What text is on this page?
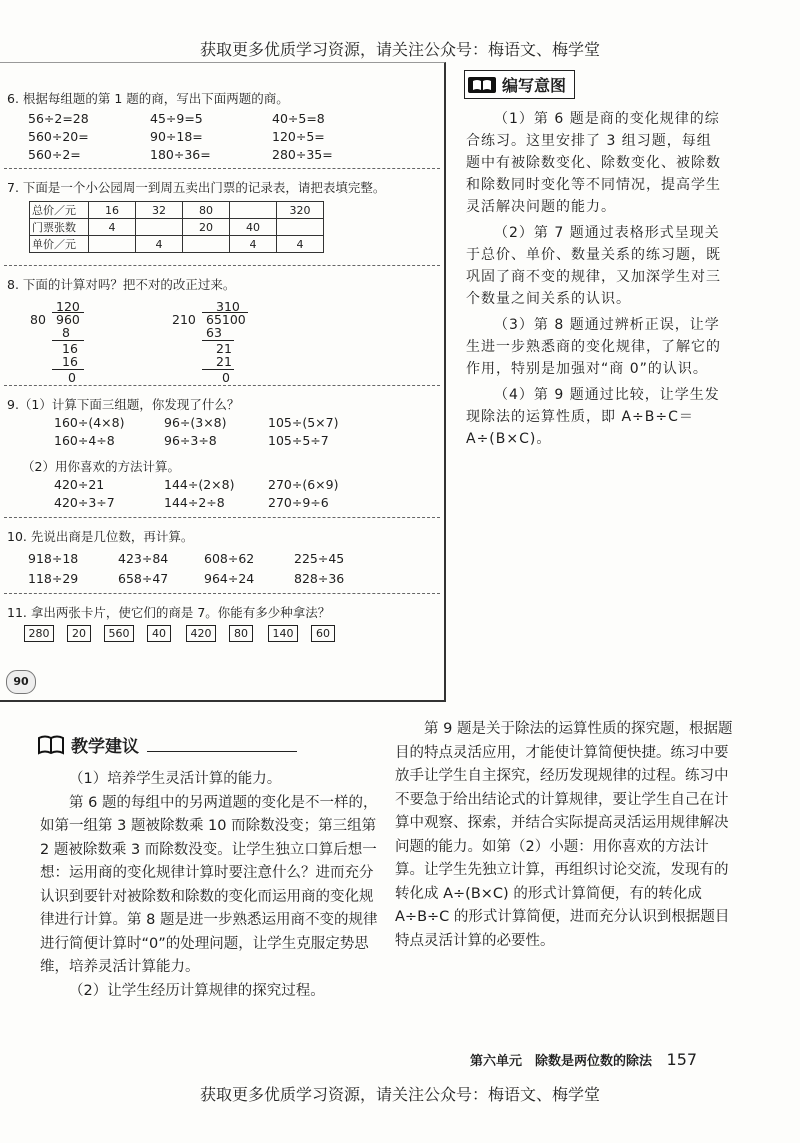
获取更多优质学习资源，请关注公众号：梅语文、梅学堂
6. 根据每组题的第 1 题的商，写出下面两题的商。
56÷2=28	45÷9=5	40÷5=8
560÷20=	90÷18=	120÷5=
560÷2=	180÷36=	280÷35=
7. 下面是一个小公园周一到周五卖出门票的记录表，请把表填完整。
总价／元	16	32	80		320
门票张数	4		20	40	
单价／元		4		4	4
8. 下面的计算对吗？把不对的改正过来。
120
80 960
8
16
16
0
310
210 65100
63
21
21
0
9.（1）计算下面三组题，你发现了什么？
160÷(4×8)	96÷(3×8)	105÷(5×7)
160÷4÷8	96÷3÷8	105÷5÷7
（2）用你喜欢的方法计算。
420÷21	144÷(2×8)	270÷(6×9)
420÷3÷7	144÷2÷8	270÷9÷6
10. 先说出商是几位数，再计算。
918÷18	423÷84	608÷62	225÷45
118÷29	658÷47	964÷24	828÷36
11. 拿出两张卡片，使它们的商是 7。你能有多少种拿法？
280	20	560	40	420	80	140	60
90
编写意图

（1）第 6 题是商的变化规律的综合练习。这里安排了 3 组习题，每组题中有被除数变化、除数变化、被除数和除数同时变化等不同情况，提高学生灵活解决问题的能力。

（2）第 7 题通过表格形式呈现关于总价、单价、数量关系的练习题，既巩固了商不变的规律，又加深学生对三个数量之间关系的认识。

（3）第 8 题通过辨析正误，让学生进一步熟悉商的变化规律，了解它的作用，特别是加强对“商 0”的认识。

（4）第 9 题通过比较，让学生发现除法的运算性质，即 A÷B÷C＝A÷(B×C)。

教学建议

（1）培养学生灵活计算的能力。

第 6 题的每组中的另两道题的变化是不一样的，如第一组第 3 题被除数乘 10 而除数没变；第三组第 2 题被除数乘 3 而除数没变。让学生独立口算后想一想：运用商的变化规律计算时要注意什么？进而充分认识到要针对被除数和除数的变化而运用商的变化规律进行计算。第 8 题是进一步熟悉运用商不变的规律进行简便计算时“0”的处理问题，让学生克服定势思维，培养灵活计算能力。

（2）让学生经历计算规律的探究过程。

第 9 题是关于除法的运算性质的探究题，根据题目的特点灵活应用，才能使计算简便快捷。练习中要放手让学生自主探究，经历发现规律的过程。练习中不要急于给出结论式的计算规律，要让学生自己在计算中观察、探索，并结合实际提高灵活运用规律解决问题的能力。如第（2）小题：用你喜欢的方法计算。让学生先独立计算，再组织讨论交流，发现有的转化成 A÷(B×C) 的形式计算简便，有的转化成 A÷B÷C 的形式计算简便，进而充分认识到根据题目特点灵活计算的必要性。

第六单元　除数是两位数的除法 157
获取更多优质学习资源，请关注公众号：梅语文、梅学堂
